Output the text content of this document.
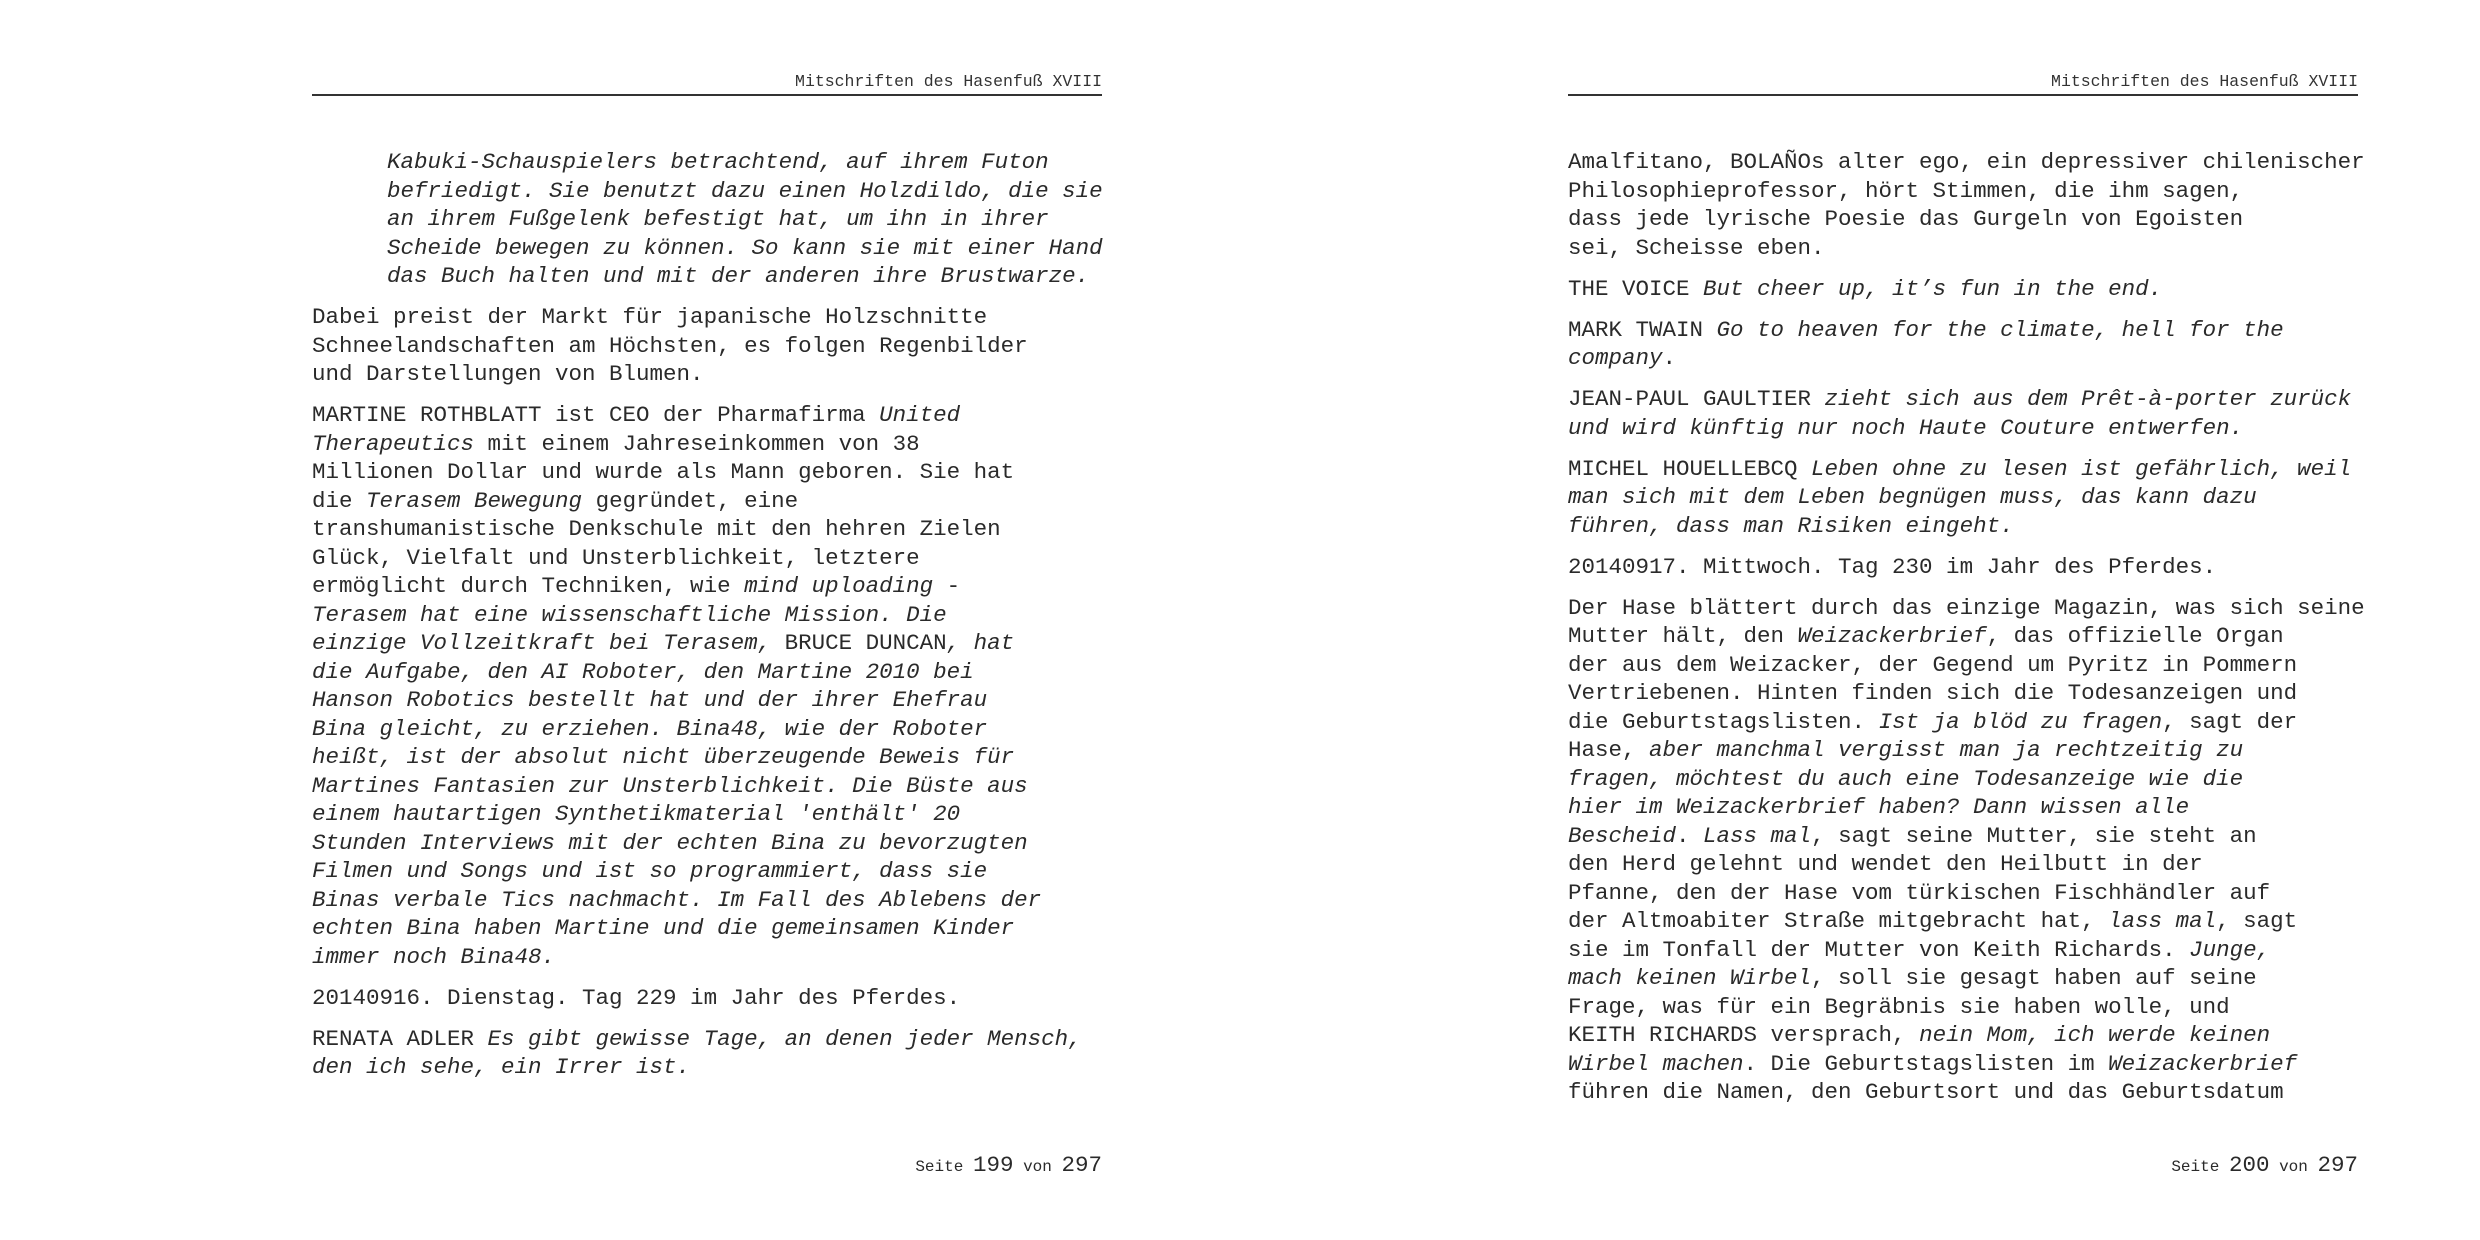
Mitschriften des Hasenfuß XVIII

Kabuki-Schauspielers betrachtend, auf ihrem Futon
befriedigt. Sie benutzt dazu einen Holzdildo, die sie
an ihrem Fußgelenk befestigt hat, um ihn in ihrer
Scheide bewegen zu können. So kann sie mit einer Hand
das Buch halten und mit der anderen ihre Brustwarze.

Dabei preist der Markt für japanische Holzschnitte
Schneelandschaften am Höchsten, es folgen Regenbilder
und Darstellungen von Blumen.

MARTINE ROTHBLATT ist CEO der Pharmafirma United
Therapeutics mit einem Jahreseinkommen von 38
Millionen Dollar und wurde als Mann geboren. Sie hat
die Terasem Bewegung gegründet, eine
transhumanistische Denkschule mit den hehren Zielen
Glück, Vielfalt und Unsterblichkeit, letztere
ermöglicht durch Techniken, wie mind uploading -
Terasem hat eine wissenschaftliche Mission. Die
einzige Vollzeitkraft bei Terasem, BRUCE DUNCAN, hat
die Aufgabe, den AI Roboter, den Martine 2010 bei
Hanson Robotics bestellt hat und der ihrer Ehefrau
Bina gleicht, zu erziehen. Bina48, wie der Roboter
heißt, ist der absolut nicht überzeugende Beweis für
Martines Fantasien zur Unsterblichkeit. Die Büste aus
einem hautartigen Synthetikmaterial 'enthält' 20
Stunden Interviews mit der echten Bina zu bevorzugten
Filmen und Songs und ist so programmiert, dass sie
Binas verbale Tics nachmacht. Im Fall des Ablebens der
echten Bina haben Martine und die gemeinsamen Kinder
immer noch Bina48.

20140916. Dienstag. Tag 229 im Jahr des Pferdes.

RENATA ADLER Es gibt gewisse Tage, an denen jeder Mensch,
den ich sehe, ein Irrer ist.

Seite 199 von 297
Mitschriften des Hasenfuß XVIII

Amalfitano, BOLAÑOs alter ego, ein depressiver chilenischer
Philosophieprofessor, hört Stimmen, die ihm sagen,
dass jede lyrische Poesie das Gurgeln von Egoisten
sei, Scheisse eben.

THE VOICE But cheer up, it’s fun in the end.

MARK TWAIN Go to heaven for the climate, hell for the
company.

JEAN-PAUL GAULTIER zieht sich aus dem Prêt-à-porter zurück
und wird künftig nur noch Haute Couture entwerfen.

MICHEL HOUELLEBCQ Leben ohne zu lesen ist gefährlich, weil
man sich mit dem Leben begnügen muss, das kann dazu
führen, dass man Risiken eingeht.

20140917. Mittwoch. Tag 230 im Jahr des Pferdes.

Der Hase blättert durch das einzige Magazin, was sich seine
Mutter hält, den Weizackerbrief, das offizielle Organ
der aus dem Weizacker, der Gegend um Pyritz in Pommern
Vertriebenen. Hinten finden sich die Todesanzeigen und
die Geburtstagslisten. Ist ja blöd zu fragen, sagt der
Hase, aber manchmal vergisst man ja rechtzeitig zu
fragen, möchtest du auch eine Todesanzeige wie die
hier im Weizackerbrief haben? Dann wissen alle
Bescheid. Lass mal, sagt seine Mutter, sie steht an
den Herd gelehnt und wendet den Heilbutt in der
Pfanne, den der Hase vom türkischen Fischhändler auf
der Altmoabiter Straße mitgebracht hat, lass mal, sagt
sie im Tonfall der Mutter von Keith Richards. Junge,
mach keinen Wirbel, soll sie gesagt haben auf seine
Frage, was für ein Begräbnis sie haben wolle, und
KEITH RICHARDS versprach, nein Mom, ich werde keinen
Wirbel machen. Die Geburtstagslisten im Weizackerbrief
führen die Namen, den Geburtsort und das Geburtsdatum

Seite 200 von 297
